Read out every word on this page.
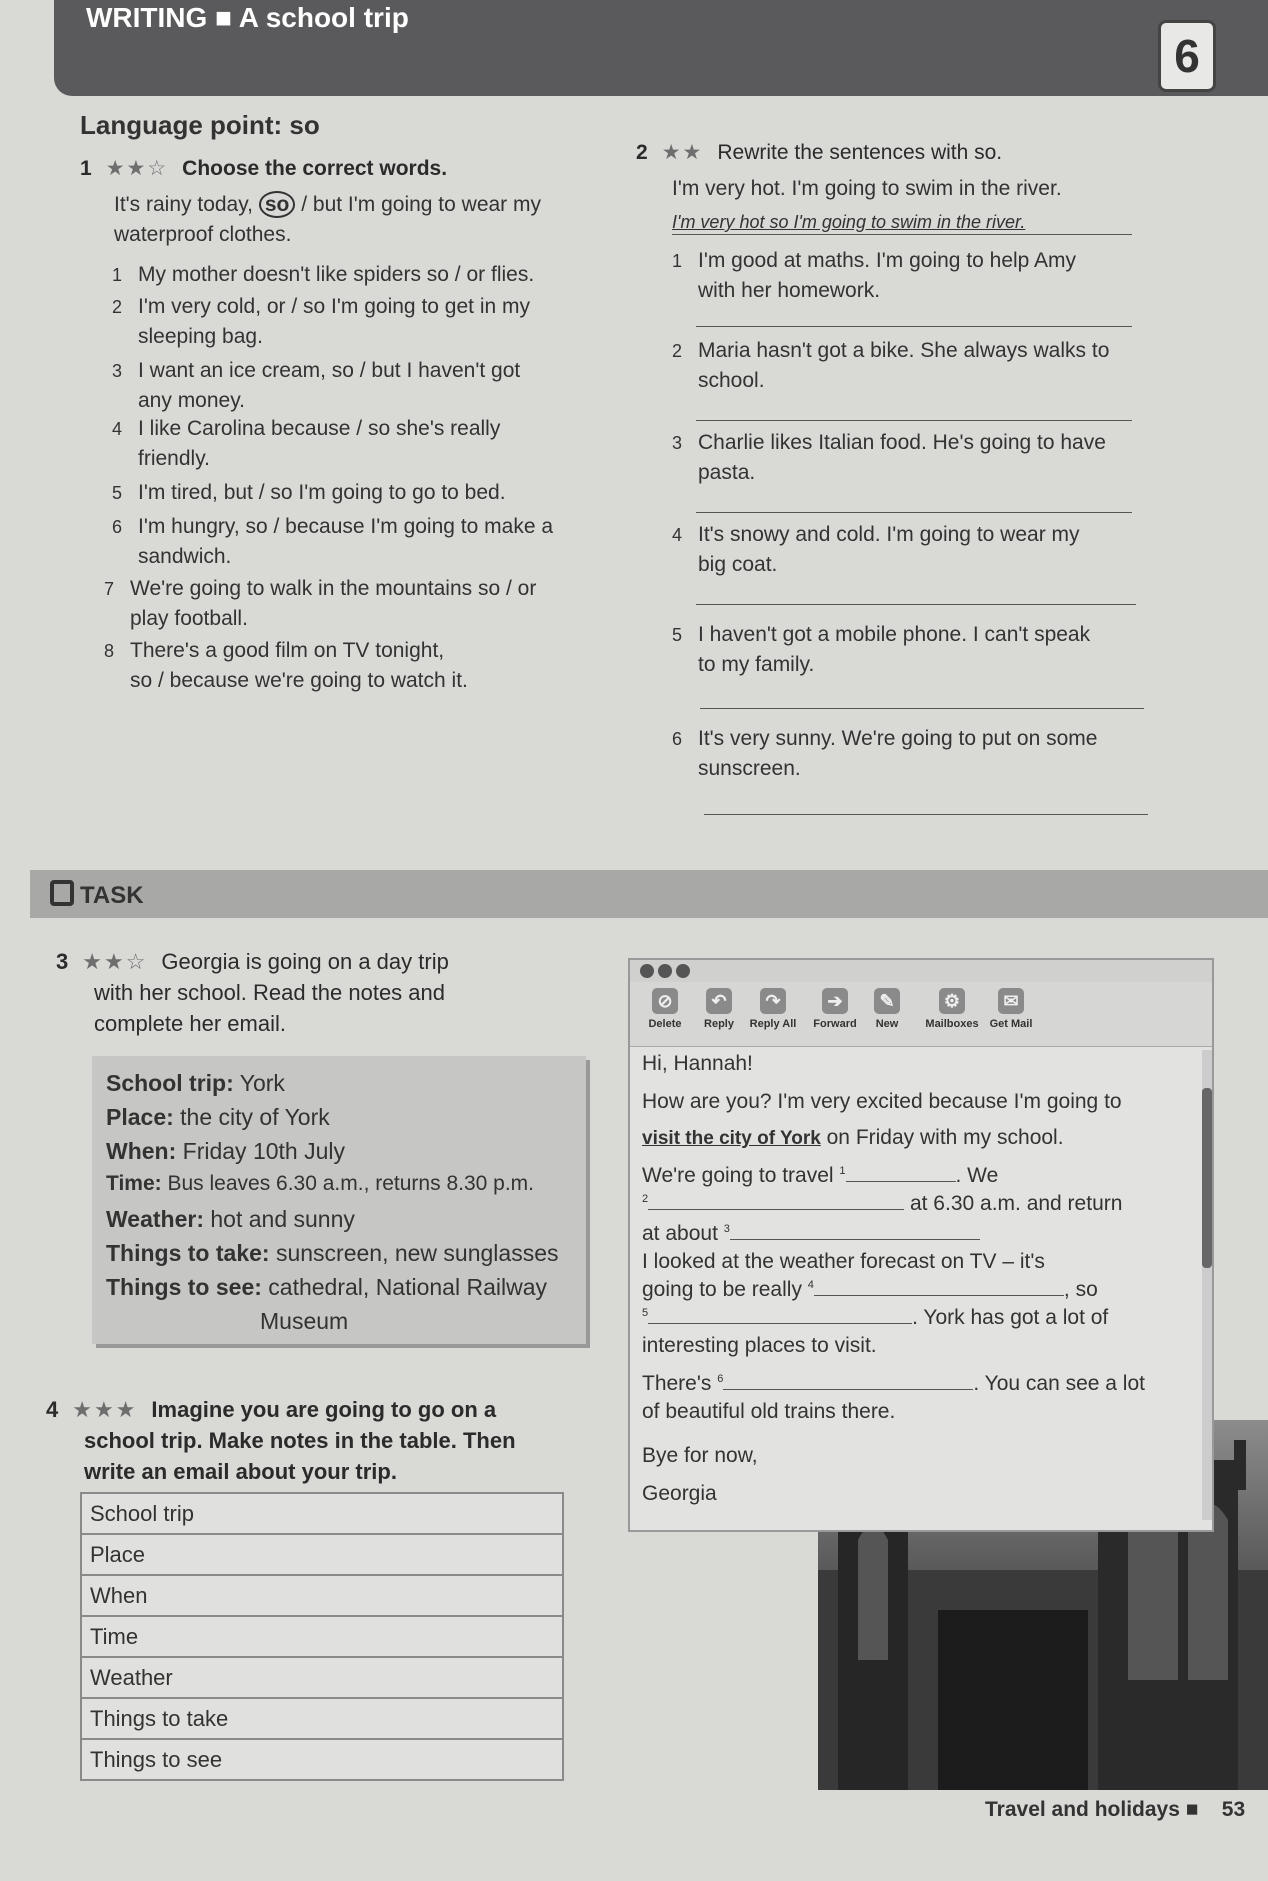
WRITING ■ A school trip
6
Language point: so
1 ★★☆ Choose the correct words.
It's rainy today, so / but I'm going to wear my
waterproof clothes.
1 My mother doesn't like spiders so / or flies.
2 I'm very cold, or / so I'm going to get in my
sleeping bag.
3 I want an ice cream, so / but I haven't got
any money.
4 I like Carolina because / so she's really
friendly.
5 I'm tired, but / so I'm going to go to bed.
6 I'm hungry, so / because I'm going to make a
sandwich.
7 We're going to walk in the mountains so / or
play football.
8 There's a good film on TV tonight,
so / because we're going to watch it.
2 ★★ Rewrite the sentences with so.
I'm very hot. I'm going to swim in the river.
I'm very hot so I'm going to swim in the river.
1 I'm good at maths. I'm going to help Amy
with her homework.
2 Maria hasn't got a bike. She always walks to
school.
3 Charlie likes Italian food. He's going to have
pasta.
4 It's snowy and cold. I'm going to wear my
big coat.
5 I haven't got a mobile phone. I can't speak
to my family.
6 It's very sunny. We're going to put on some
sunscreen.
TASK
3 ★★☆ Georgia is going on a day trip
with her school. Read the notes and
complete her email.
School trip: York
Place: the city of York
When: Friday 10th July
Time: Bus leaves 6.30 a.m., returns 8.30 p.m.
Weather: hot and sunny
Things to take: sunscreen, new sunglasses
Things to see: cathedral, National Railway
Museum
4 ★★★ Imagine you are going to go on a
school trip. Make notes in the table. Then
write an email about your trip.
School trip
Place
When
Time
Weather
Things to take
Things to see
⊘
Delete
↶
Reply
↷
Reply All
➔
Forward
✎
New
⚙
Mailboxes
✉
Get Mail
Hi, Hannah!
How are you? I'm very excited because I'm going to
visit the city of York on Friday with my school.
We're going to travel $^1$	. We
$^2$	at 6.30 a.m. and return
at about $^3$
I looked at the weather forecast on TV – it's
going to be really $^4$	, so
$^5$	. York has got a lot of
interesting places to visit.
There's $^6$	. You can see a lot
of beautiful old trains there.
Bye for now,
Georgia
Travel and holidays ■ 53
